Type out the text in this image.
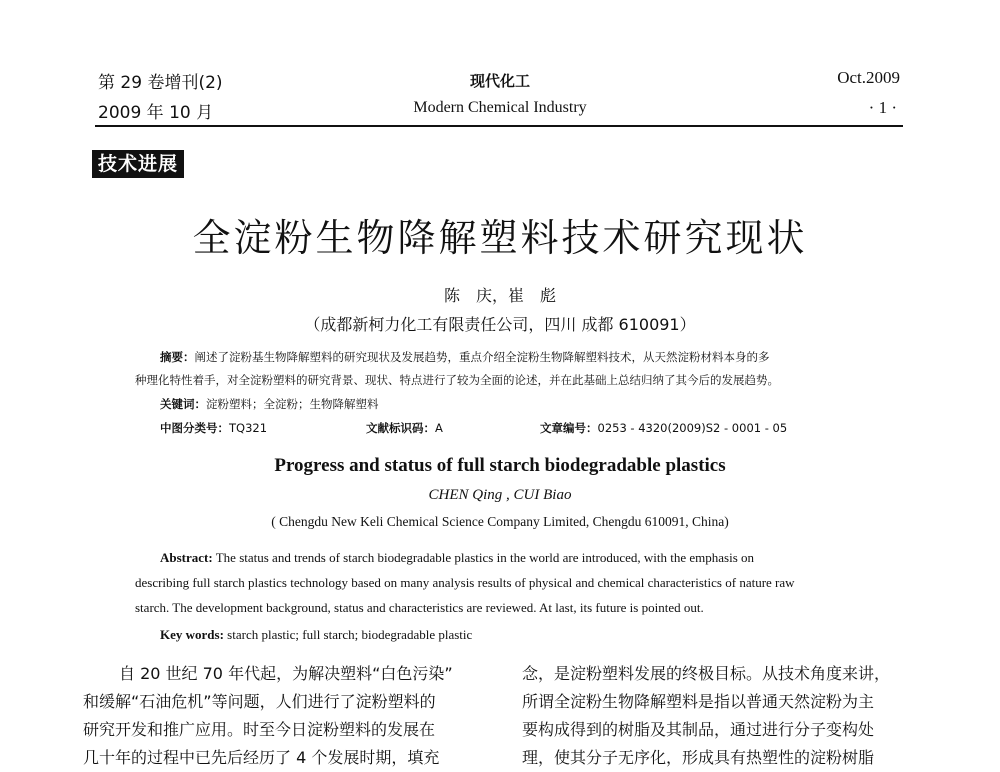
第 29 卷增刊(2)
2009 年 10 月
现代化工
Modern Chemical Industry
Oct.2009
· 1 ·
技术进展
全淀粉生物降解塑料技术研究现状
陈　庆，崔　彪
（成都新柯力化工有限责任公司，四川 成都 610091）
摘要：阐述了淀粉基生物降解塑料的研究现状及发展趋势，重点介绍全淀粉生物降解塑料技术，从天然淀粉材料本身的多
种理化特性着手，对全淀粉塑料的研究背景、现状、特点进行了较为全面的论述，并在此基础上总结归纳了其今后的发展趋势。
关键词：淀粉塑料；全淀粉；生物降解塑料
中图分类号：TQ321	文献标识码：A	文章编号：0253 - 4320(2009)S2 - 0001 - 05
Progress and status of full starch biodegradable plastics
CHEN Qing , CUI Biao
( Chengdu New Keli Chemical Science Company Limited, Chengdu 610091, China)
Abstract: The status and trends of starch biodegradable plastics in the world are introduced, with the emphasis on
describing full starch plastics technology based on many analysis results of physical and chemical characteristics of nature raw
starch. The development background, status and characteristics are reviewed. At last, its future is pointed out.
Key words: starch plastic; full starch; biodegradable plastic
自 20 世纪 70 年代起，为解决塑料“白色污染”
和缓解“石油危机”等问题，人们进行了淀粉塑料的
研究开发和推广应用。时至今日淀粉塑料的发展在
几十年的过程中已先后经历了 4 个发展时期，填充
念，是淀粉塑料发展的终极目标。从技术角度来讲，
所谓全淀粉生物降解塑料是指以普通天然淀粉为主
要构成得到的树脂及其制品，通过进行分子变构处
理，使其分子无序化，形成具有热塑性的淀粉树脂
